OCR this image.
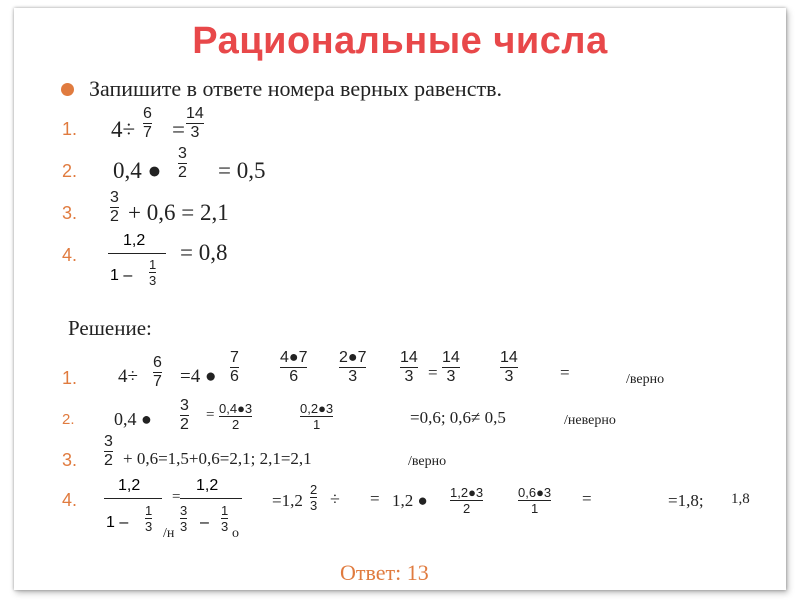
Рациональные числа
Запишите в ответе номера верных равенств.
1.
2.
3.
4.
4÷
6
7 =
14
3
0,4 ●
3
2 = 0,5
3
2 + 0,6 = 2,1
1,2
1 –
1
3
= 0,8
Решение:
1.
2.
3.
4.
4÷
6
7 =4 ●
7
6
4●7
6
2●7
3
14
3 =
14
3
14
3	=	/верно
0,4 ●
3
2
= 0,4●3
2
0,2●3
1	=0,6; 0,6≠ 0,5	/неверно
3
2 + 0,6=1,5+0,6=2,1; 2,1=2,1	/верно
1,2
1 –
1
3
=
1,2
3
3 –
1
3
/н	о
=1,2
2
3 ÷ = 1,2 ● 1,2●3
2
0,6●3
1
=	=1,8; 1,8
Ответ: 13
